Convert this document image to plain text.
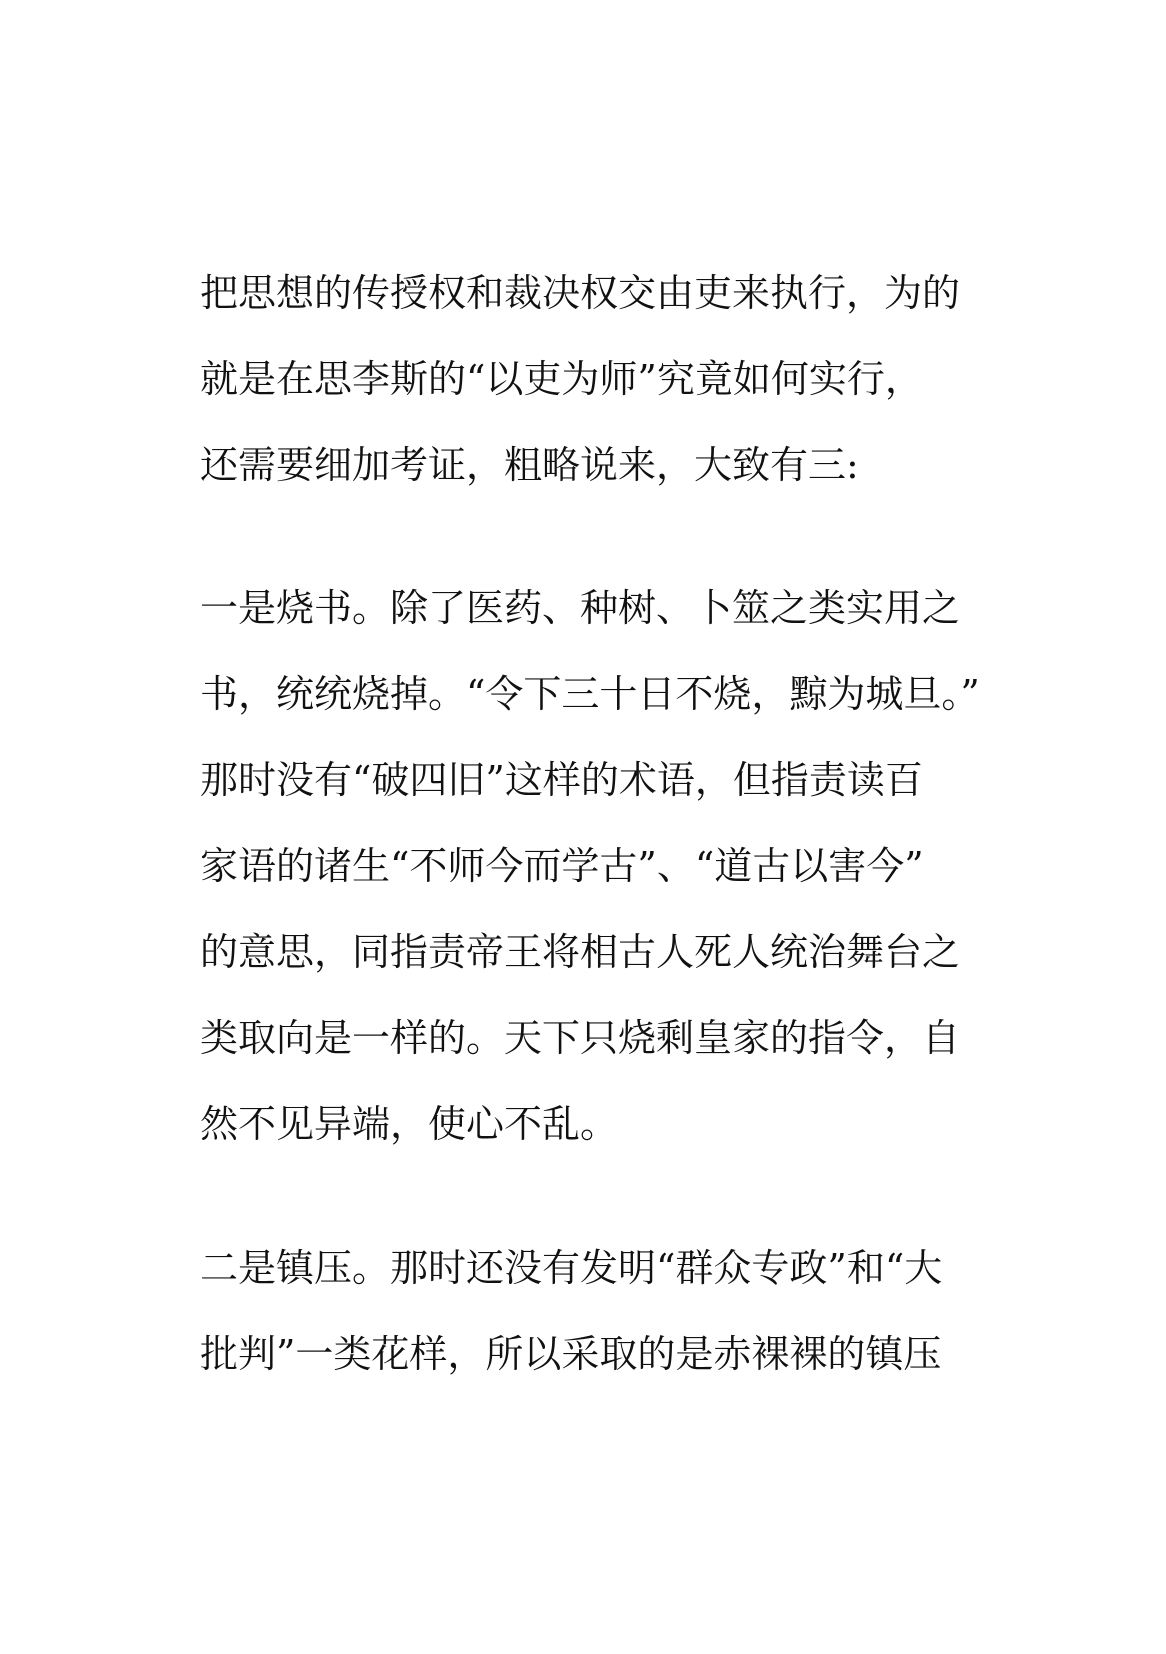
把思想的传授权和裁决权交由吏来执行，为的
就是在思李斯的“以吏为师”究竟如何实行，
还需要细加考证，粗略说来，大致有三:
一是烧书。除了医药、种树、卜筮之类实用之
书，统统烧掉。“令下三十日不烧，黥为城旦。”
那时没有“破四旧”这样的术语，但指责读百
家语的诸生“不师今而学古”、“道古以害今”
的意思，同指责帝王将相古人死人统治舞台之
类取向是一样的。天下只烧剩皇家的指令，自
然不见异端，使心不乱。
二是镇压。那时还没有发明“群众专政”和“大
批判”一类花样，所以采取的是赤裸裸的镇压
